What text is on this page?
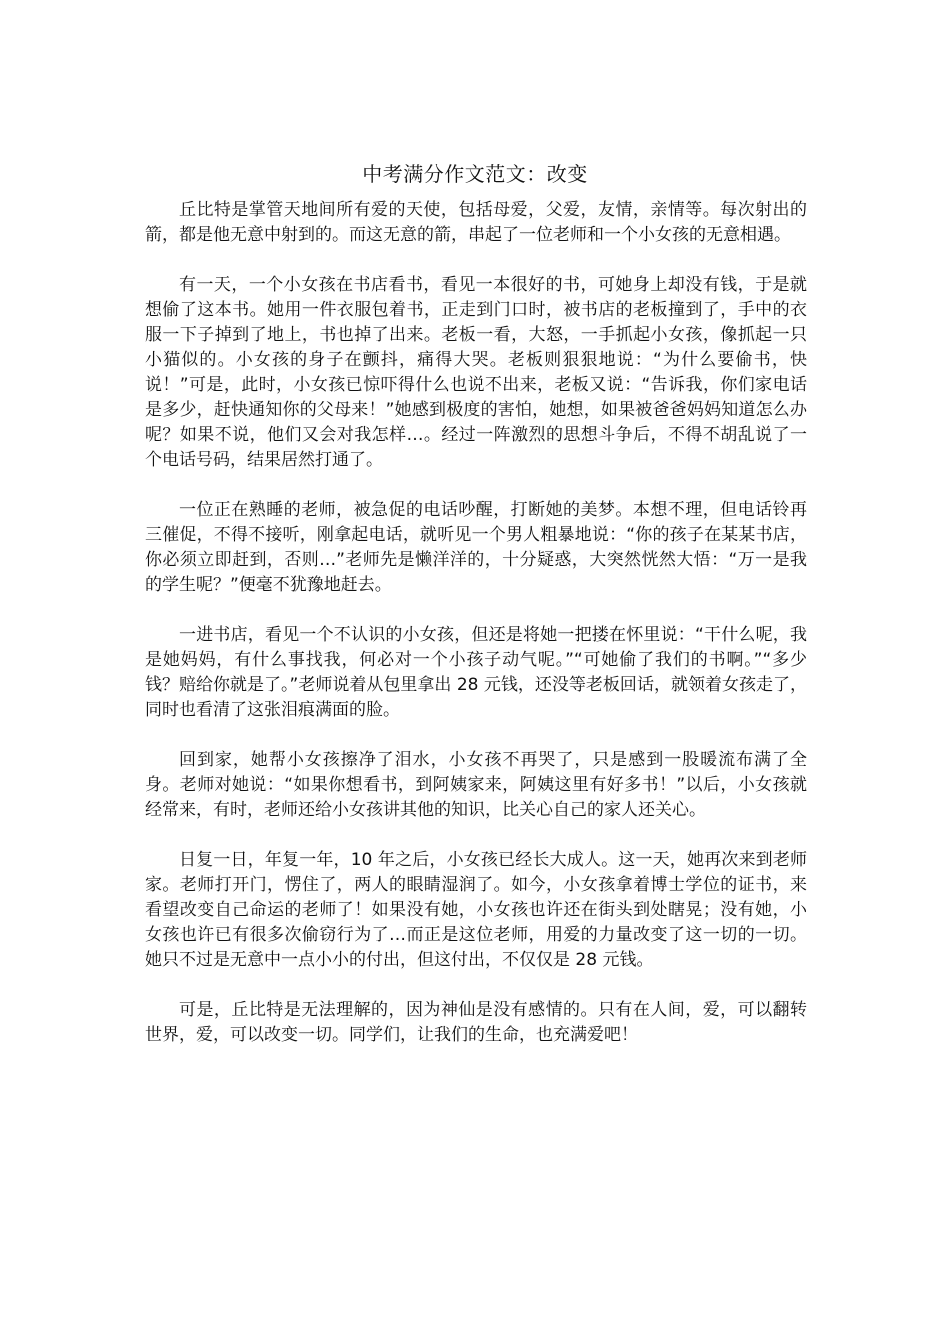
中考满分作文范文：改变

丘比特是掌管天地间所有爱的天使，包括母爱，父爱，友情，亲情等。每次射出的箭，都是他无意中射到的。而这无意的箭，串起了一位老师和一个小女孩的无意相遇。

有一天，一个小女孩在书店看书，看见一本很好的书，可她身上却没有钱，于是就想偷了这本书。她用一件衣服包着书，正走到门口时，被书店的老板撞到了，手中的衣服一下子掉到了地上，书也掉了出来。老板一看，大怒，一手抓起小女孩，像抓起一只小猫似的。小女孩的身子在颤抖，痛得大哭。老板则狠狠地说：“为什么要偷书，快说！”可是，此时，小女孩已惊吓得什么也说不出来，老板又说：“告诉我，你们家电话是多少，赶快通知你的父母来！”她感到极度的害怕，她想，如果被爸爸妈妈知道怎么办呢？如果不说，他们又会对我怎样…。经过一阵激烈的思想斗争后，不得不胡乱说了一个电话号码，结果居然打通了。

一位正在熟睡的老师，被急促的电话吵醒，打断她的美梦。本想不理，但电话铃再三催促，不得不接听，刚拿起电话，就听见一个男人粗暴地说：“你的孩子在某某书店，你必须立即赶到，否则…”老师先是懒洋洋的，十分疑惑，大突然恍然大悟：“万一是我的学生呢？”便毫不犹豫地赶去。

一进书店，看见一个不认识的小女孩，但还是将她一把搂在怀里说：“干什么呢，我是她妈妈，有什么事找我，何必对一个小孩子动气呢。”“可她偷了我们的书啊。”“多少钱？赔给你就是了。”老师说着从包里拿出 28 元钱，还没等老板回话，就领着女孩走了，同时也看清了这张泪痕满面的脸。

回到家，她帮小女孩擦净了泪水，小女孩不再哭了，只是感到一股暖流布满了全身。老师对她说：“如果你想看书，到阿姨家来，阿姨这里有好多书！”以后，小女孩就经常来，有时，老师还给小女孩讲其他的知识，比关心自己的家人还关心。

日复一日，年复一年，10 年之后，小女孩已经长大成人。这一天，她再次来到老师家。老师打开门，愣住了，两人的眼睛湿润了。如今，小女孩拿着博士学位的证书，来看望改变自己命运的老师了！如果没有她，小女孩也许还在街头到处瞎晃；没有她，小女孩也许已有很多次偷窃行为了…而正是这位老师，用爱的力量改变了这一切的一切。她只不过是无意中一点小小的付出，但这付出，不仅仅是 28 元钱。

可是，丘比特是无法理解的，因为神仙是没有感情的。只有在人间，爱，可以翻转世界，爱，可以改变一切。同学们，让我们的生命，也充满爱吧！
